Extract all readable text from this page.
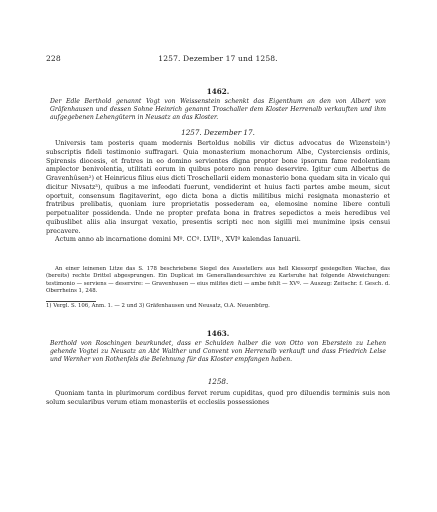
228	1257. Dezember 17 und 1258.
1462.
Der Edle Berthold genannt Vogt von Weissenstein schenkt das Eigenthum an den von Albert von Gräfenhausen und dessen Sohne Heinrich genannt Troschaller dem Kloster Herrenalb verkauften und ihm aufgegebenen Lehengütern in Neusatz an das Kloster.
1257. Dezember 17.

Universis tam posteris quam modernis Bertoldus nobilis vir dictus advocatus de Wizenstein¹) subscriptis fideli testimonio suffragari. Quia monasterium monachorum Albe, Cysterciensis ordinis, Spirensis diocesis, et fratres in eo domino servientes digna propter bone ipsorum fame redolentiam amplector benivolentia, utilitati eorum in quibus potero non renuo deservire. Igitur cum Albertus de Gravenhûsen²) et Heinricus filius eius dicti Troschellarii eidem monasterio bona quedam sita in vicalo qui dicitur Nivsatz³), quibus a me infeodati fuerunt, vendiderint et huius facti partes ambe meum, sicut oportuit, consensum flagitaverint, ego dicta bona a dictis militibus michi resignata monasterio et fratribus prelibatis, quoniam iure proprietatis possederam ea, elemosine nomine libere contuli perpetualiter possidenda. Unde ne propter prefata bona in fratres sepedictos a meis heredibus vel quibuslibet aliis alia insurgat vexatio, presentis scripti nec non sigilli mei munimine ipsis censui precavere.

Actum anno ab incarnatione domini Mº. CCº. LVIIº., XVIº kalendas Ianuarii.

An einer leinenen Litze das S. 178 beschriebene Siegel des Ausstellers aus hell Kiessorpf gesiegelten Wachse, das (bereits) rechte Drittel abgesprungen. Ein Duplicat im Generallandesarchive zu Karlsruhe hat folgende Abweichungen: testimonio — serviens — deservire: — Gravenhusen — eius milites dicti — ambe fehlt — XVº. — Auszug: Zeitschr. f. Gesch. d. Oberrheins 1, 248.
1) Vergl. S. 106, Anm. 1. — 2 und 3) Gräfenhausen und Neusatz, O.A. Neuenbürg.
1463.
Berthold von Roschingen beurkundet, dass er Schulden halber die von Otto von Eberstein zu Lehen gehende Vogtei zu Neusatz an Abt Walther und Convent von Herrenalb verkauft und dass Friedrich Lelse und Wernher von Rothenfels die Belehnung für das Kloster empfangen haben.
1258.

Quoniam tanta in plurimorum cordibus fervet rerum cupiditas, quod pro diluendis terminis suis non solum secularibus verum etiam monasteriis et ecclesiis possessiones
